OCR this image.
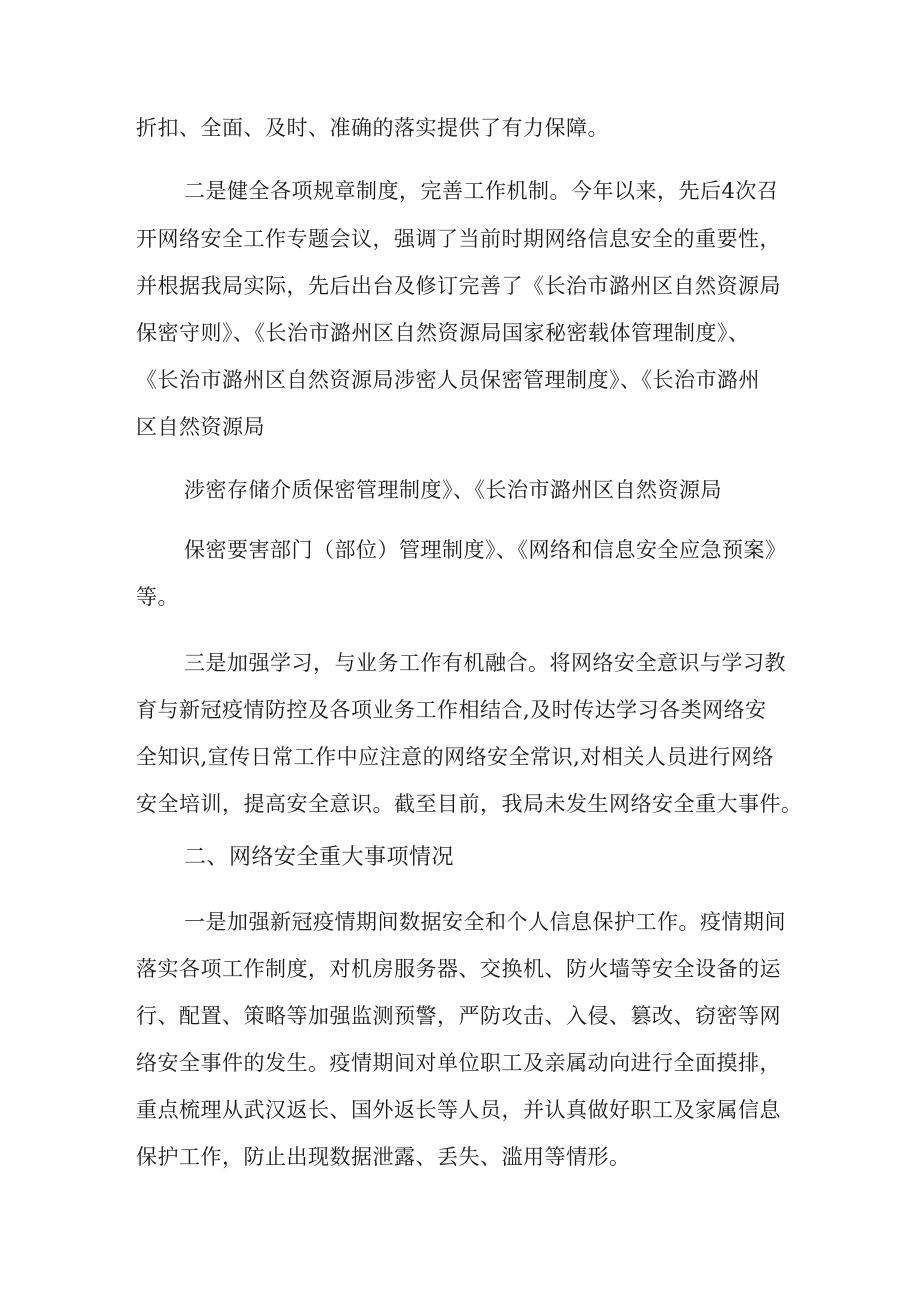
折扣、全面、及时、准确的落实提供了有力保障。
二是健全各项规章制度，完善工作机制。今年以来，先后4次召
开网络安全工作专题会议，强调了当前时期网络信息安全的重要性，
并根据我局实际，先后出台及修订完善了《长治市潞州区自然资源局
保密守则》、《长治市潞州区自然资源局国家秘密载体管理制度》、
《长治市潞州区自然资源局涉密人员保密管理制度》、《长治市潞州
区自然资源局
涉密存储介质保密管理制度》、《长治市潞州区自然资源局
保密要害部门（部位）管理制度》、《网络和信息安全应急预案》
等。
三是加强学习，与业务工作有机融合。将网络安全意识与学习教
育与新冠疫情防控及各项业务工作相结合,及时传达学习各类网络安
全知识,宣传日常工作中应注意的网络安全常识,对相关人员进行网络
安全培训，提高安全意识。截至目前，我局未发生网络安全重大事件。
二、网络安全重大事项情况
一是加强新冠疫情期间数据安全和个人信息保护工作。疫情期间
落实各项工作制度，对机房服务器、交换机、防火墙等安全设备的运
行、配置、策略等加强监测预警，严防攻击、入侵、篡改、窃密等网
络安全事件的发生。疫情期间对单位职工及亲属动向进行全面摸排，
重点梳理从武汉返长、国外返长等人员，并认真做好职工及家属信息
保护工作，防止出现数据泄露、丢失、滥用等情形。
